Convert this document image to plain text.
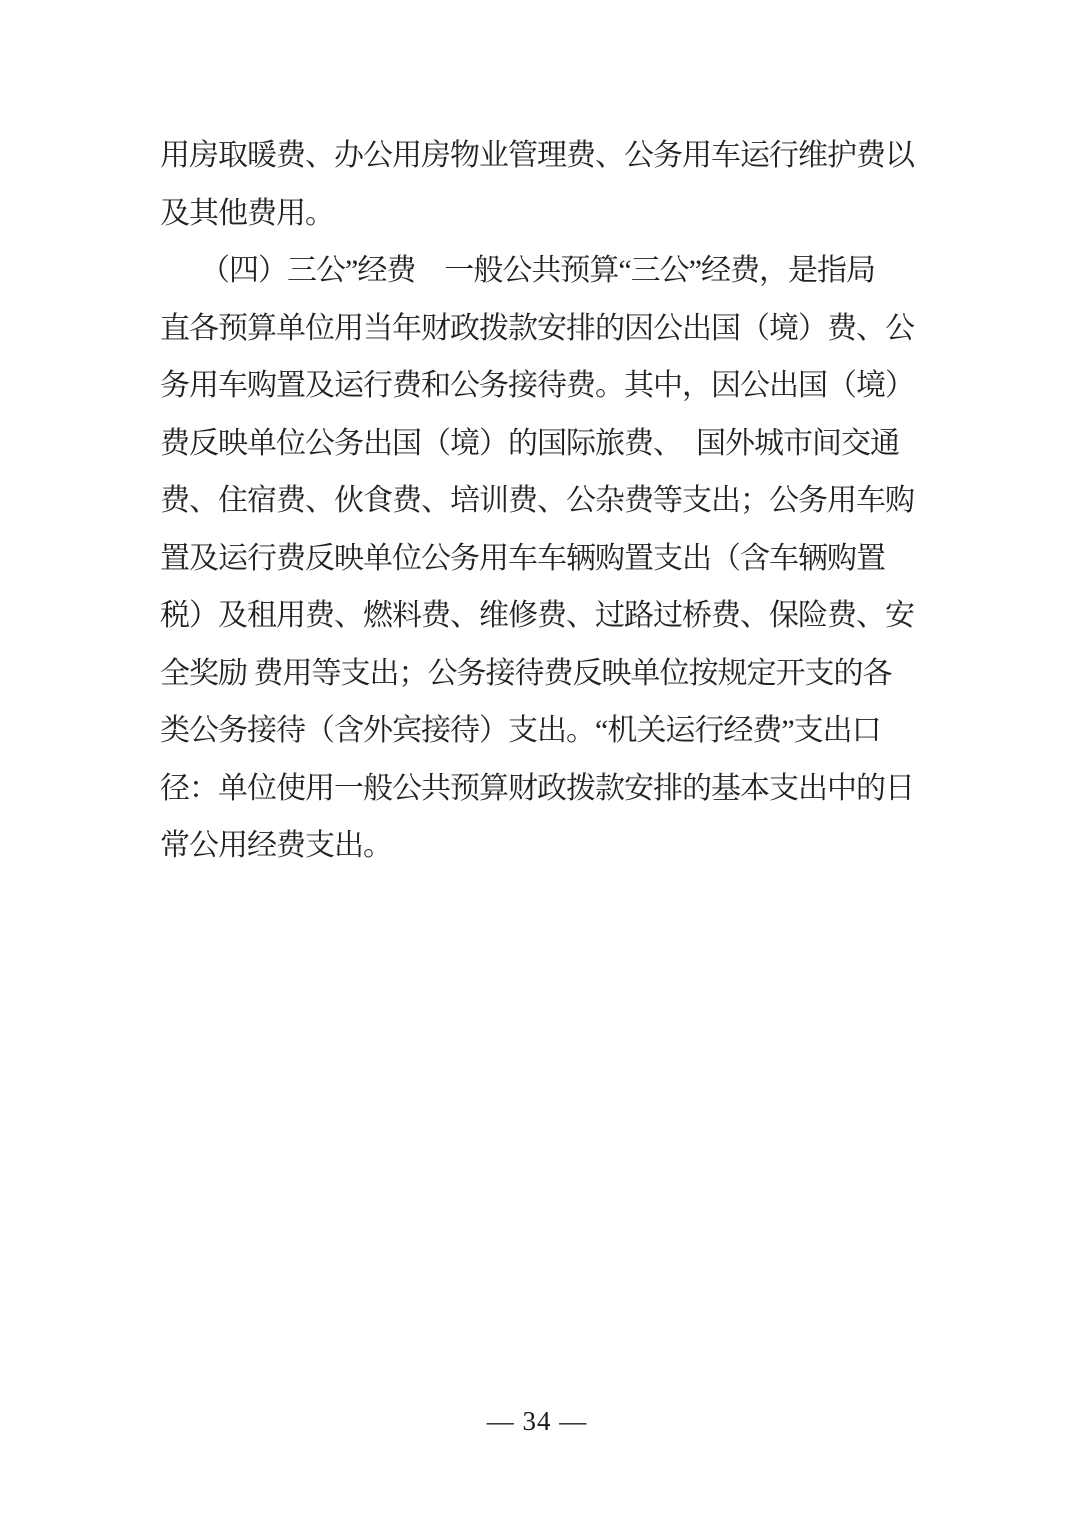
用房取暖费、办公用房物业管理费、公务用车运行维护费以
及其他费用。
（四）三公”经费　一般公共预算“三公”经费，是指局
直各预算单位用当年财政拨款安排的因公出国（境）费、公
务用车购置及运行费和公务接待费。其中，因公出国（境）
费反映单位公务出国（境）的国际旅费、　国外城市间交通
费、住宿费、伙食费、培训费、公杂费等支出；公务用车购
置及运行费反映单位公务用车车辆购置支出（含车辆购置
税）及租用费、燃料费、维修费、过路过桥费、保险费、安
全奖励 费用等支出；公务接待费反映单位按规定开支的各
类公务接待（含外宾接待）支出。“机关运行经费”支出口
径：单位使用一般公共预算财政拨款安排的基本支出中的日
常公用经费支出。
— 34 —
